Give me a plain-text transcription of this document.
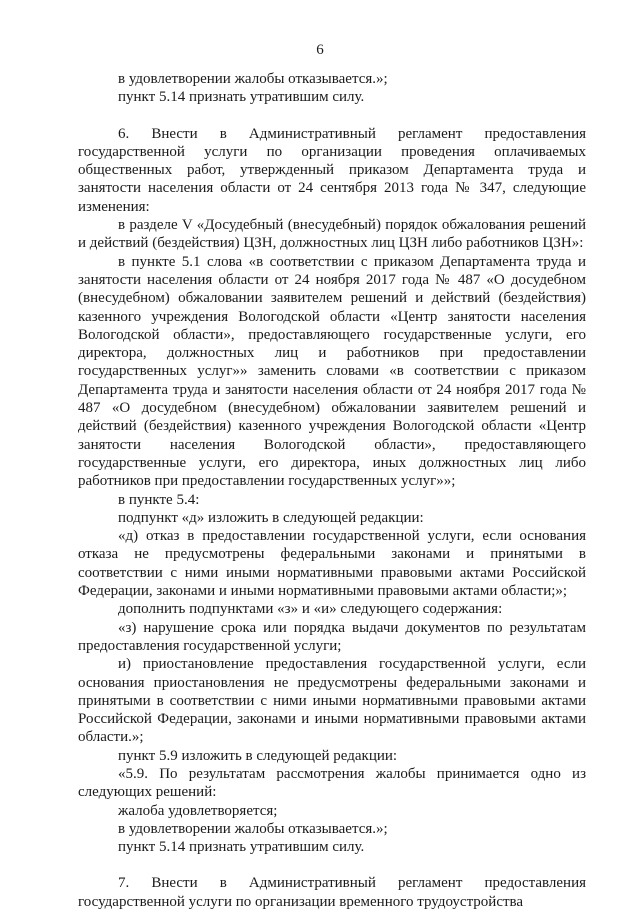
6

в удовлетворении жалобы отказывается.»;

пункт 5.14 признать утратившим силу.

6. Внести в Административный регламент предоставления государственной услуги по организации проведения оплачиваемых общественных работ, утвержденный приказом Департамента труда и занятости населения области от 24 сентября 2013 года № 347, следующие изменения:

в разделе V «Досудебный (внесудебный) порядок обжалования решений и действий (бездействия) ЦЗН, должностных лиц ЦЗН либо работников ЦЗН»:

в пункте 5.1 слова «в соответствии с приказом Департамента труда и занятости населения области от 24 ноября 2017 года № 487 «О досудебном (внесудебном) обжаловании заявителем решений и действий (бездействия) казенного учреждения Вологодской области «Центр занятости населения Вологодской области», предоставляющего государственные услуги, его директора, должностных лиц и работников при предоставлении государственных услуг»» заменить словами «в соответствии с приказом Департамента труда и занятости населения области от 24 ноября 2017 года № 487 «О досудебном (внесудебном) обжаловании заявителем решений и действий (бездействия) казенного учреждения Вологодской области «Центр занятости населения Вологодской области», предоставляющего государственные услуги, его директора, иных должностных лиц либо работников при предоставлении государственных услуг»»;

в пункте 5.4:

подпункт «д» изложить в следующей редакции:

«д) отказ в предоставлении государственной услуги, если основания отказа не предусмотрены федеральными законами и принятыми в соответствии с ними иными нормативными правовыми актами Российской Федерации, законами и иными нормативными правовыми актами области;»;

дополнить подпунктами «з» и «и» следующего содержания:

«з) нарушение срока или порядка выдачи документов по результатам предоставления государственной услуги;

и) приостановление предоставления государственной услуги, если основания приостановления не предусмотрены федеральными законами и принятыми в соответствии с ними иными нормативными правовыми актами Российской Федерации, законами и иными нормативными правовыми актами области.»;

пункт 5.9 изложить в следующей редакции:

«5.9. По результатам рассмотрения жалобы принимается одно из следующих решений:

жалоба удовлетворяется;

в удовлетворении жалобы отказывается.»;

пункт 5.14 признать утратившим силу.

7. Внести в Административный регламент предоставления государственной услуги по организации временного трудоустройства
